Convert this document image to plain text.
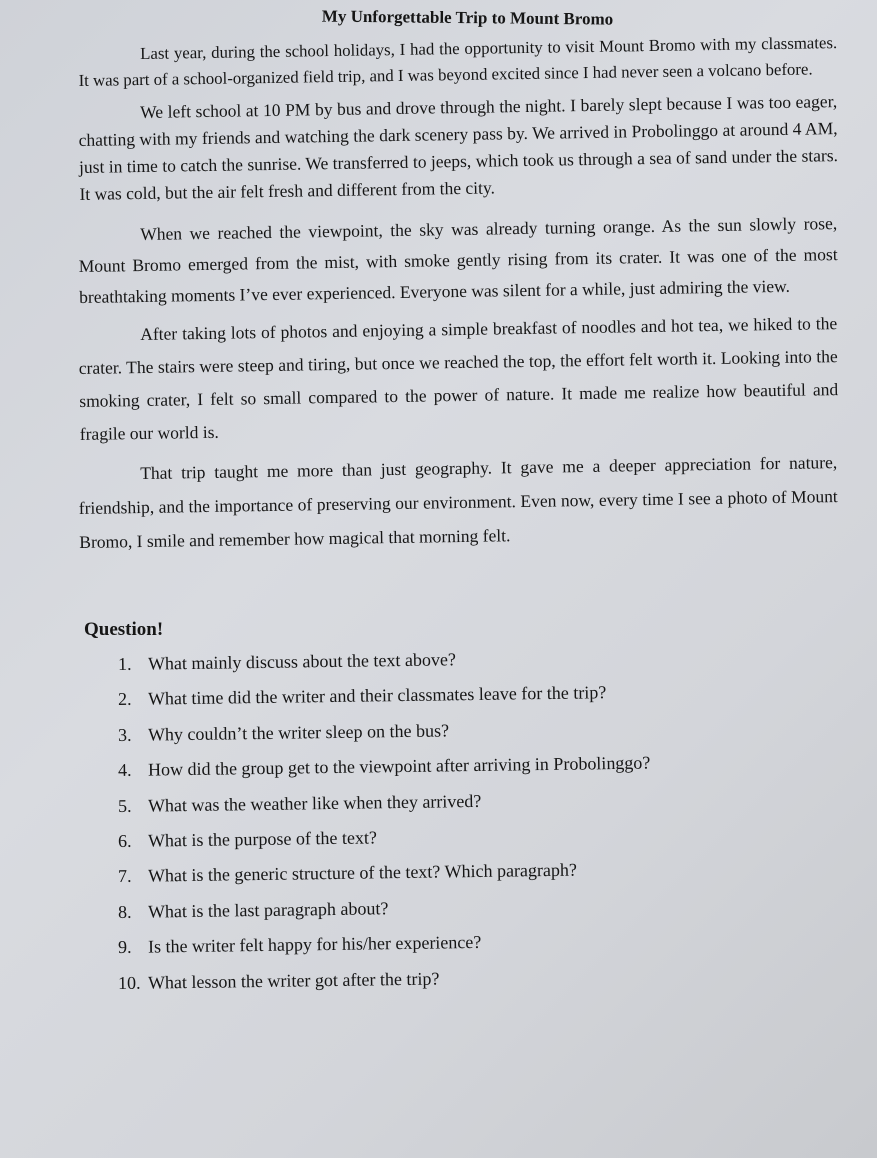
My Unforgettable Trip to Mount Bromo

Last year, during the school holidays, I had the opportunity to visit Mount Bromo with my classmates. It was part of a school-organized field trip, and I was beyond excited since I had never seen a volcano before.

We left school at 10 PM by bus and drove through the night. I barely slept because I was too eager, chatting with my friends and watching the dark scenery pass by. We arrived in Probolinggo at around 4 AM, just in time to catch the sunrise. We transferred to jeeps, which took us through a sea of sand under the stars. It was cold, but the air felt fresh and different from the city.

When we reached the viewpoint, the sky was already turning orange. As the sun slowly rose, Mount Bromo emerged from the mist, with smoke gently rising from its crater. It was one of the most breathtaking moments I’ve ever experienced. Everyone was silent for a while, just admiring the view.

After taking lots of photos and enjoying a simple breakfast of noodles and hot tea, we hiked to the crater. The stairs were steep and tiring, but once we reached the top, the effort felt worth it. Looking into the smoking crater, I felt so small compared to the power of nature. It made me realize how beautiful and fragile our world is.

That trip taught me more than just geography. It gave me a deeper appreciation for nature, friendship, and the importance of preserving our environment. Even now, every time I see a photo of Mount Bromo, I smile and remember how magical that morning felt.

Question!
1. What mainly discuss about the text above?
2. What time did the writer and their classmates leave for the trip?
3. Why couldn’t the writer sleep on the bus?
4. How did the group get to the viewpoint after arriving in Probolinggo?
5. What was the weather like when they arrived?
6. What is the purpose of the text?
7. What is the generic structure of the text? Which paragraph?
8. What is the last paragraph about?
9. Is the writer felt happy for his/her experience?
10. What lesson the writer got after the trip?
